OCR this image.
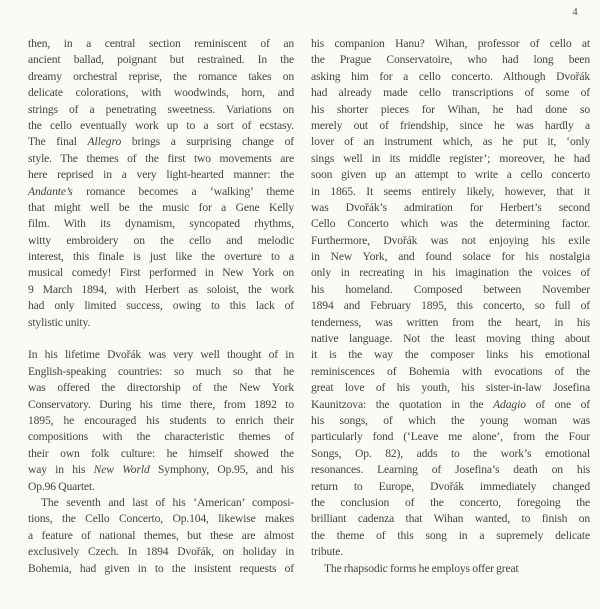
4
then, in a central section reminiscent of an
ancient ballad, poignant but restrained. In the
dreamy orchestral reprise, the romance takes on
delicate colorations, with woodwinds, horn, and
strings of a penetrating sweetness. Variations on
the cello eventually work up to a sort of ecstasy.
The final Allegro brings a surprising change of
style. The themes of the first two movements are
here reprised in a very light-hearted manner: the
Andante’s romance becomes a ‘walking’ theme
that might well be the music for a Gene Kelly
film. With its dynamism, syncopated rhythms,
witty embroidery on the cello and melodic
interest, this finale is just like the overture to a
musical comedy! First performed in New York on
9 March 1894, with Herbert as soloist, the work
had only limited success, owing to this lack of
stylistic unity.
In his lifetime Dvořák was very well thought of in
English-speaking countries: so much so that he
was offered the directorship of the New York
Conservatory. During his time there, from 1892 to
1895, he encouraged his students to enrich their
compositions with the characteristic themes of
their own folk culture: he himself showed the
way in his New World Symphony, Op.95, and his
Op.96 Quartet.
The seventh and last of his ‘American’ composi-
tions, the Cello Concerto, Op.104, likewise makes
a feature of national themes, but these are almost
exclusively Czech. In 1894 Dvořák, on holiday in
Bohemia, had given in to the insistent requests of
his companion Hanu? Wihan, professor of cello at
the Prague Conservatoire, who had long been
asking him for a cello concerto. Although Dvořák
had already made cello transcriptions of some of
his shorter pieces for Wihan, he had done so
merely out of friendship, since he was hardly a
lover of an instrument which, as he put it, ‘only
sings well in its middle register’; moreover, he had
soon given up an attempt to write a cello concerto
in 1865. It seems entirely likely, however, that it
was Dvořák’s admiration for Herbert’s second
Cello Concerto which was the determining factor.
Furthermore, Dvořák was not enjoying his exile
in New York, and found solace for his nostalgia
only in recreating in his imagination the voices of
his homeland. Composed between November
1894 and February 1895, this concerto, so full of
tenderness, was written from the heart, in his
native language. Not the least moving thing about
it is the way the composer links his emotional
reminiscences of Bohemia with evocations of the
great love of his youth, his sister-in-law Josefina
Kaunitzova: the quotation in the Adagio of one of
his songs, of which the young woman was
particularly fond (‘Leave me alone’, from the Four
Songs, Op. 82), adds to the work’s emotional
resonances. Learning of Josefina’s death on his
return to Europe, Dvořák immediately changed
the conclusion of the concerto, foregoing the
brilliant cadenza that Wihan wanted, to finish on
the theme of this song in a supremely delicate
tribute.
The rhapsodic forms he employs offer great
